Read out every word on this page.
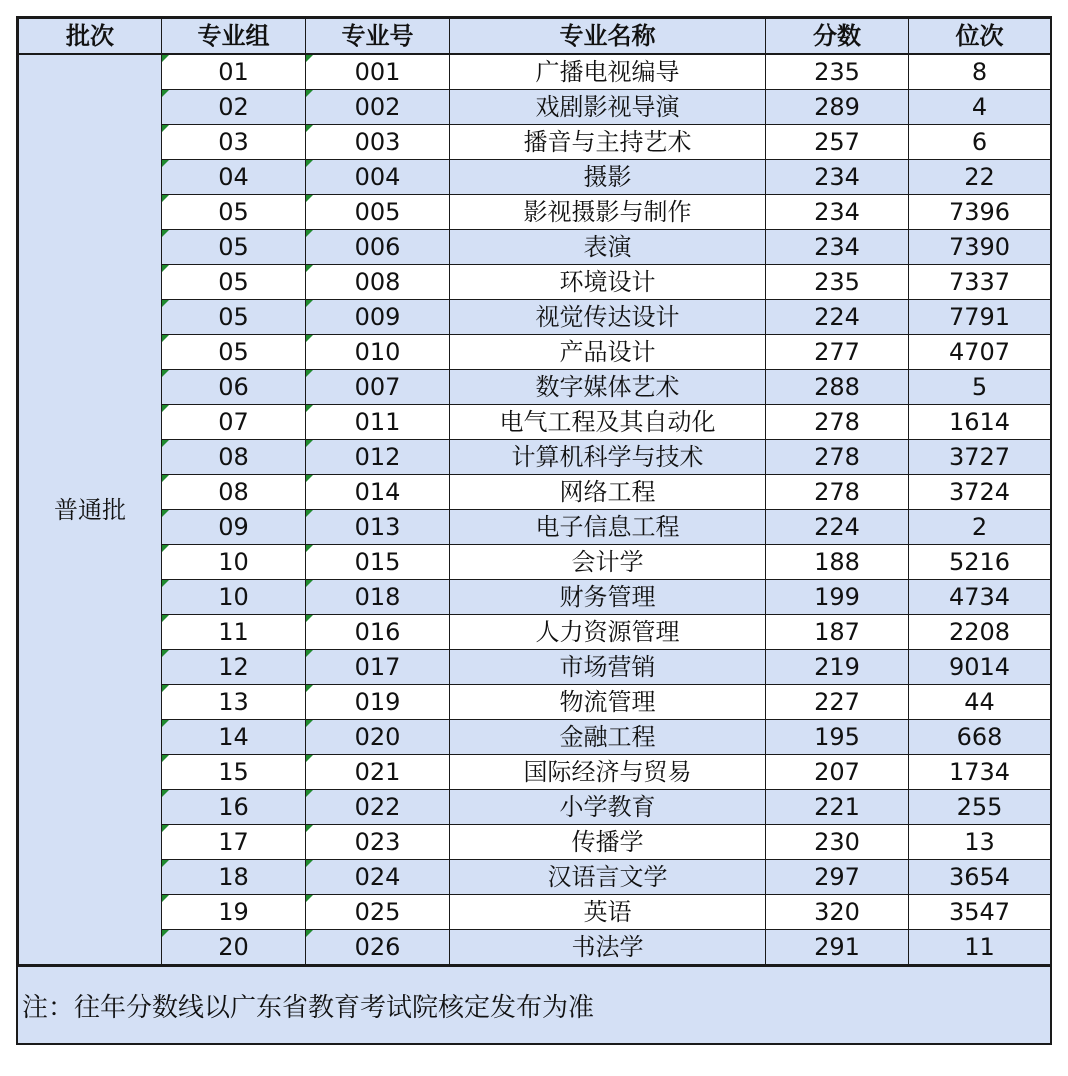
批次	专业组	专业号	专业名称	分数	位次
普通批	01	001	广播电视编导	235	8
	02	002	戏剧影视导演	289	4
	03	003	播音与主持艺术	257	6
	04	004	摄影	234	22
	05	005	影视摄影与制作	234	7396
	05	006	表演	234	7390
	05	008	环境设计	235	7337
	05	009	视觉传达设计	224	7791
	05	010	产品设计	277	4707
	06	007	数字媒体艺术	288	5
	07	011	电气工程及其自动化	278	1614
	08	012	计算机科学与技术	278	3727
	08	014	网络工程	278	3724
	09	013	电子信息工程	224	2
	10	015	会计学	188	5216
	10	018	财务管理	199	4734
	11	016	人力资源管理	187	2208
	12	017	市场营销	219	9014
	13	019	物流管理	227	44
	14	020	金融工程	195	668
	15	021	国际经济与贸易	207	1734
	16	022	小学教育	221	255
	17	023	传播学	230	13
	18	024	汉语言文学	297	3654
	19	025	英语	320	3547
	20	026	书法学	291	11
注：往年分数线以广东省教育考试院核定发布为准
